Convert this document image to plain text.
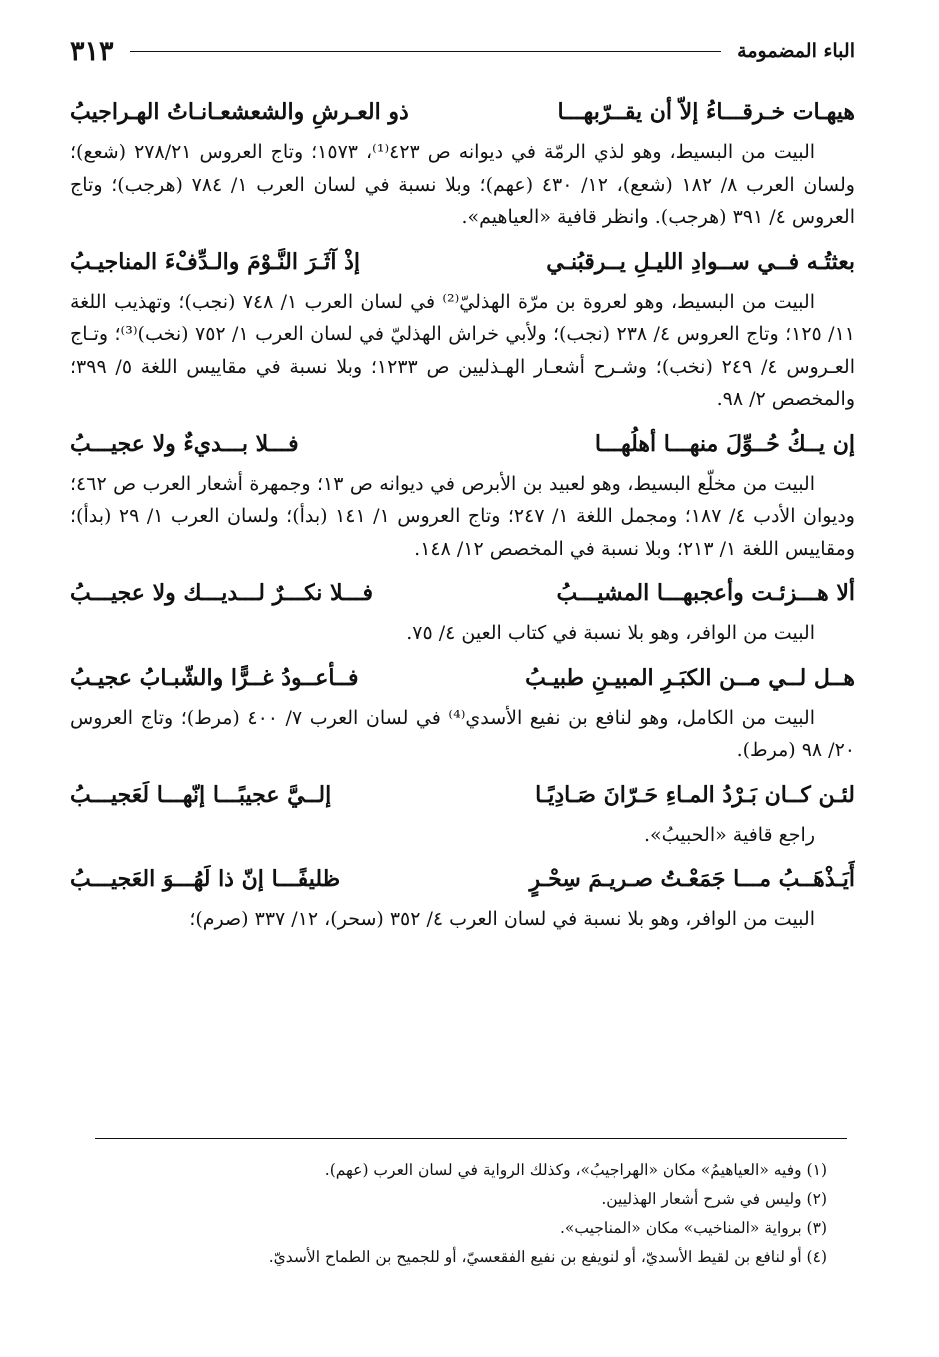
الباء المضمومة
٣١٣
هيهـات خـرقـــاءُ إلاّ أن يقــرّبهـــا
ذو العـرشِ والشعشعـانـاتُ الهـراجيبُ

البيت من البسيط، وهو لذي الرمّة في ديوانه ص ٤٢٣⁽¹⁾، ١٥٧٣؛ وتاج العروس ٢٧٨/٢١ (شعع)؛ ولسان العرب ٨/ ١٨٢ (شعع)، ١٢/ ٤٣٠ (عهم)؛ وبلا نسبة في لسان العرب ١/ ٧٨٤ (هرجب)؛ وتاج العروس ٤/ ٣٩١ (هرجب). وانظر قافية «العياهيم».

بعثتُـه فــي ســوادِ الليـلِ يــرقبُنـي
إذْ آثَـرَ النَّـوْمَ والـدِّفْءَ المناجيـبُ

البيت من البسيط، وهو لعروة بن مرّة الهذليّ⁽²⁾ في لسان العرب ١/ ٧٤٨ (نجب)؛ وتهذيب اللغة ١١/ ١٢٥؛ وتاج العروس ٤/ ٢٣٨ (نجب)؛ ولأبي خراش الهذليّ في لسان العرب ١/ ٧٥٢ (نخب)⁽³⁾؛ وتـاج العـروس ٤/ ٢٤٩ (نخب)؛ وشـرح أشعـار الهـذليين ص ١٢٣٣؛ وبلا نسبة في مقاييس اللغة ٥/ ٣٩٩؛ والمخصص ٢/ ٩٨.

إن يــكُ حُــوِّلَ منهـــا أهلُهـــا
فـــلا بـــديءٌ ولا عجيـــبُ

البيت من مخلّع البسيط، وهو لعبيد بن الأبرص في ديوانه ص ١٣؛ وجمهرة أشعار العرب ص ٤٦٢؛ وديوان الأدب ٤/ ١٨٧؛ ومجمل اللغة ١/ ٢٤٧؛ وتاج العروس ١/ ١٤١ (بدأ)؛ ولسان العرب ١/ ٢٩ (بدأ)؛ ومقاييس اللغة ١/ ٢١٣؛ وبلا نسبة في المخصص ١٢/ ١٤٨.

ألا هـــزئـت وأعجبهـــا المشيـــبُ
فـــلا نكـــرٌ لـــديـــك ولا عجيـــبُ

البيت من الوافر، وهو بلا نسبة في كتاب العين ٤/ ٧٥.

هــل لــي مــن الكبَـرِ المبيـنِ طبيـبُ
فــأعــودُ غــرًّا والشّبـابُ عجيـبُ

البيت من الكامل، وهو لنافع بن نفيع الأسدي⁽⁴⁾ في لسان العرب ٧/ ٤٠٠ (مرط)؛ وتاج العروس ٢٠/ ٩٨ (مرط).

لئـن كــان بَـرْدُ المـاءِ حَـرّانَ صَـادِيًـا
إلــيَّ عجيبًـــا إنّهـــا لَعَجيـــبُ

راجع قافية «الحبيبُ».

أَيَـذْهَــبُ مـــا جَمَعْـتُ صـريـمَ سِحْـرٍ
ظليفًـــا إنّ ذا لَهُـــوَ العَجيـــبُ

البيت من الوافر، وهو بلا نسبة في لسان العرب ٤/ ٣٥٢ (سحر)، ١٢/ ٣٣٧ (صرم)؛

(١) وفيه «العياهيمُ» مكان «الهراجيبُ»، وكذلك الرواية في لسان العرب (عهم).
(٢) وليس في شرح أشعار الهذليين.
(٣) برواية «المناخيب» مكان «المناجيب».
(٤) أو لنافع بن لقيط الأسديّ، أو لنويفع بن نفيع الفقعسيّ، أو للجميح بن الطماح الأسديّ.
